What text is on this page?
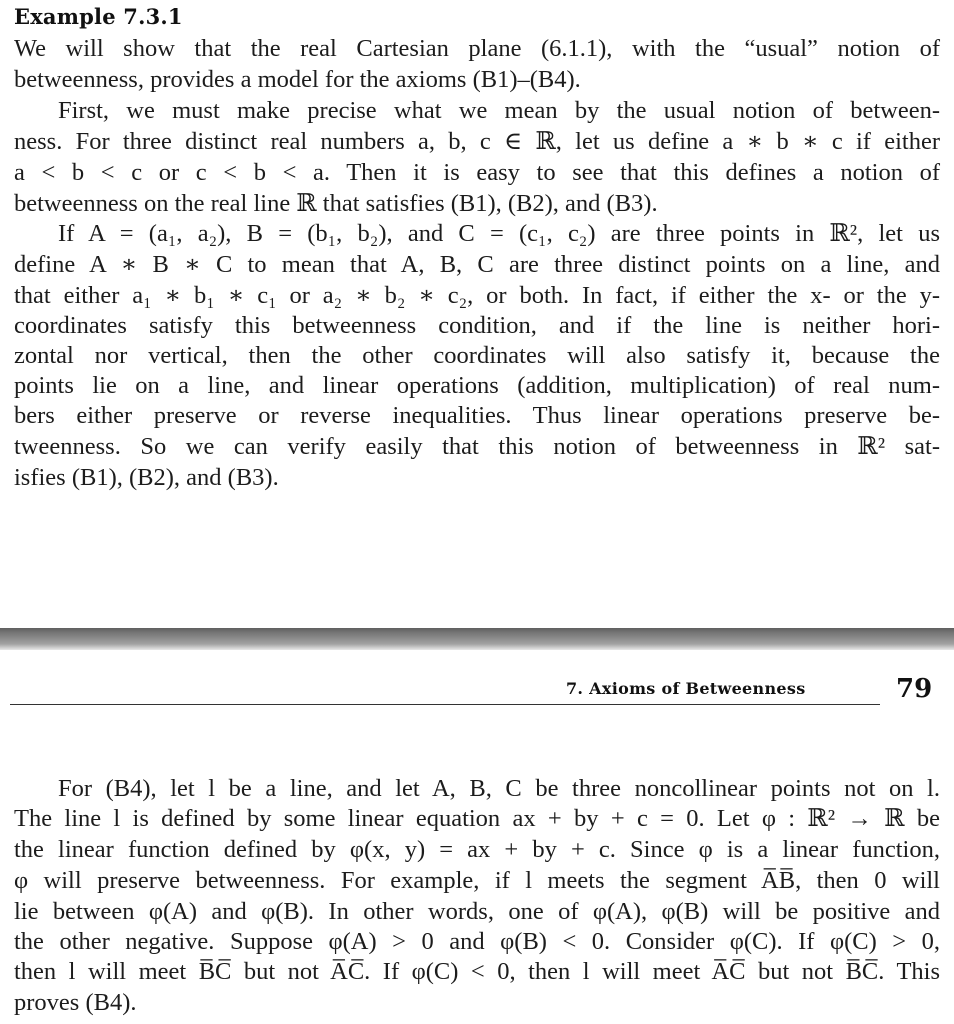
Example 7.3.1
We will show that the real Cartesian plane (6.1.1), with the “usual” notion of
betweenness, provides a model for the axioms (B1)–(B4).
First, we must make precise what we mean by the usual notion of between-
ness. For three distinct real numbers a, b, c ∈ ℝ, let us define a ∗ b ∗ c if either
a < b < c or c < b < a. Then it is easy to see that this defines a notion of
betweenness on the real line ℝ that satisfies (B1), (B2), and (B3).
If A = (a₁, a₂), B = (b₁, b₂), and C = (c₁, c₂) are three points in ℝ², let us
define A ∗ B ∗ C to mean that A, B, C are three distinct points on a line, and
that either a₁ ∗ b₁ ∗ c₁ or a₂ ∗ b₂ ∗ c₂, or both. In fact, if either the x- or the y-
coordinates satisfy this betweenness condition, and if the line is neither hori-
zontal nor vertical, then the other coordinates will also satisfy it, because the
points lie on a line, and linear operations (addition, multiplication) of real num-
bers either preserve or reverse inequalities. Thus linear operations preserve be-
tweenness. So we can verify easily that this notion of betweenness in ℝ² sat-
isfies (B1), (B2), and (B3).
7. Axioms of Betweenness	79
For (B4), let l be a line, and let A, B, C be three noncollinear points not on l.
The line l is defined by some linear equation ax + by + c = 0. Let φ : ℝ² → ℝ be
the linear function defined by φ(x, y) = ax + by + c. Since φ is a linear function,
φ will preserve betweenness. For example, if l meets the segment A̅B̅, then 0 will
lie between φ(A) and φ(B). In other words, one of φ(A), φ(B) will be positive and
the other negative. Suppose φ(A) > 0 and φ(B) < 0. Consider φ(C). If φ(C) > 0,
then l will meet B̅C̅ but not A̅C̅. If φ(C) < 0, then l will meet A̅C̅ but not B̅C̅. This
proves (B4).
